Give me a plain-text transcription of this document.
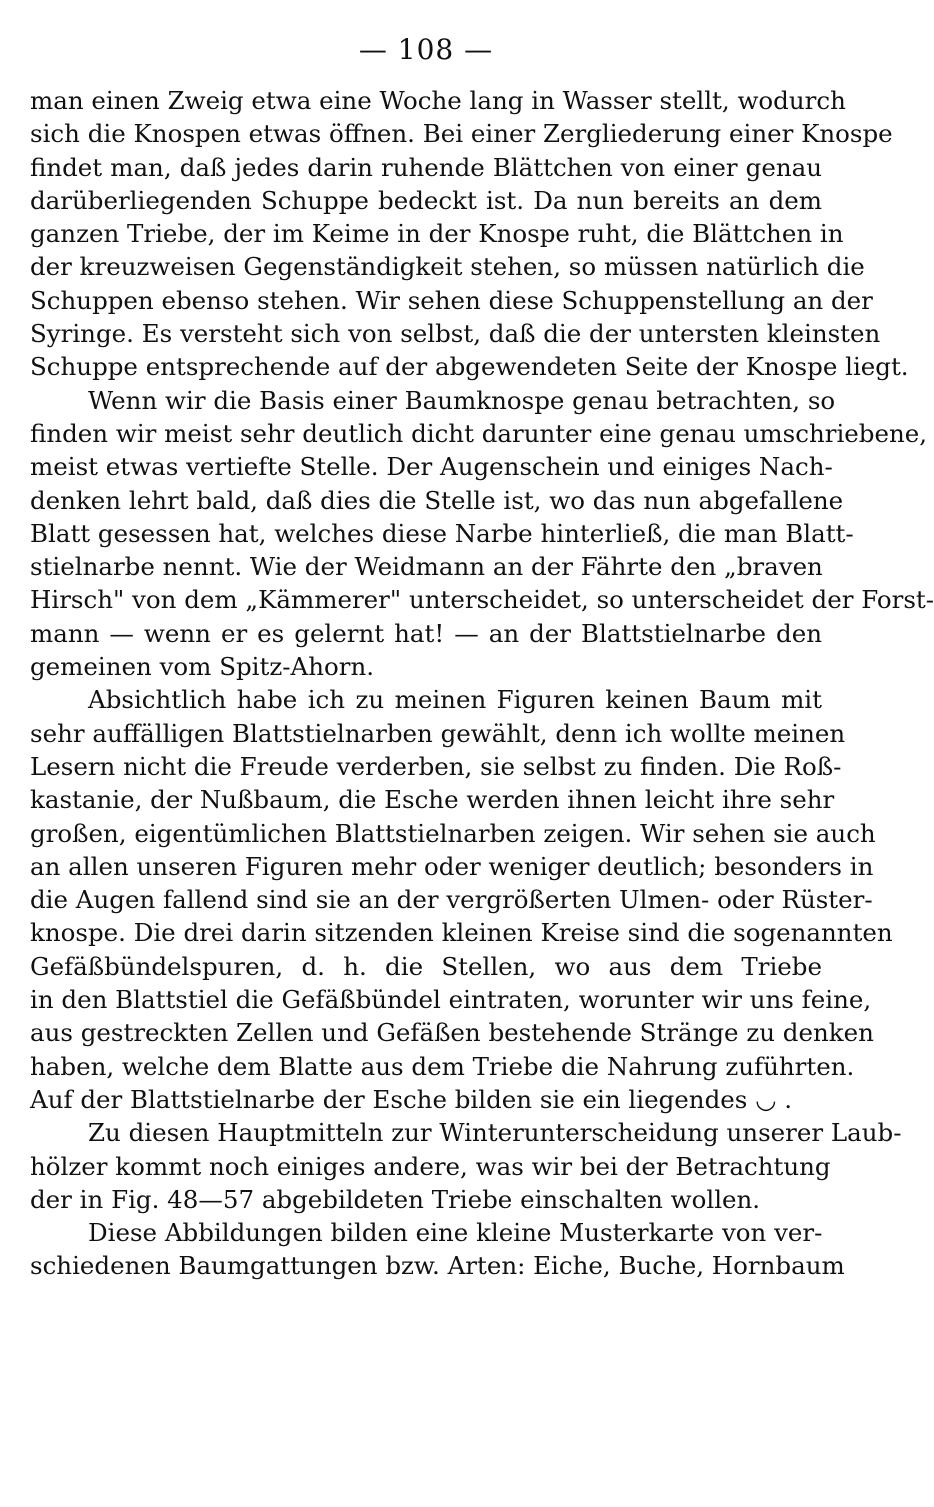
— 108 —
man einen Zweig etwa eine Woche lang in Wasser stellt, wodurch
sich die Knospen etwas öffnen. Bei einer Zergliederung einer Knospe
findet man, daß jedes darin ruhende Blättchen von einer genau
darüberliegenden Schuppe bedeckt ist. Da nun bereits an dem
ganzen Triebe, der im Keime in der Knospe ruht, die Blättchen in
der kreuzweisen Gegenständigkeit stehen, so müssen natürlich die
Schuppen ebenso stehen. Wir sehen diese Schuppenstellung an der
Syringe. Es versteht sich von selbst, daß die der untersten kleinsten
Schuppe entsprechende auf der abgewendeten Seite der Knospe liegt.
Wenn wir die Basis einer Baumknospe genau betrachten, so
finden wir meist sehr deutlich dicht darunter eine genau umschriebene,
meist etwas vertiefte Stelle. Der Augenschein und einiges Nach-
denken lehrt bald, daß dies die Stelle ist, wo das nun abgefallene
Blatt gesessen hat, welches diese Narbe hinterließ, die man Blatt-
stielnarbe nennt. Wie der Weidmann an der Fährte den „braven
Hirsch" von dem „Kämmerer" unterscheidet, so unterscheidet der Forst-
mann — wenn er es gelernt hat! — an der Blattstielnarbe den
gemeinen vom Spitz-Ahorn.
Absichtlich habe ich zu meinen Figuren keinen Baum mit
sehr auffälligen Blattstielnarben gewählt, denn ich wollte meinen
Lesern nicht die Freude verderben, sie selbst zu finden. Die Roß-
kastanie, der Nußbaum, die Esche werden ihnen leicht ihre sehr
großen, eigentümlichen Blattstielnarben zeigen. Wir sehen sie auch
an allen unseren Figuren mehr oder weniger deutlich; besonders in
die Augen fallend sind sie an der vergrößerten Ulmen- oder Rüster-
knospe. Die drei darin sitzenden kleinen Kreise sind die sogenannten
Gefäßbündelspuren, d. h. die Stellen, wo aus dem Triebe
in den Blattstiel die Gefäßbündel eintraten, worunter wir uns feine,
aus gestreckten Zellen und Gefäßen bestehende Stränge zu denken
haben, welche dem Blatte aus dem Triebe die Nahrung zuführten.
Auf der Blattstielnarbe der Esche bilden sie ein liegendes ◡ .
Zu diesen Hauptmitteln zur Winterunterscheidung unserer Laub-
hölzer kommt noch einiges andere, was wir bei der Betrachtung
der in Fig. 48—57 abgebildeten Triebe einschalten wollen.
Diese Abbildungen bilden eine kleine Musterkarte von ver-
schiedenen Baumgattungen bzw. Arten: Eiche, Buche, Hornbaum
